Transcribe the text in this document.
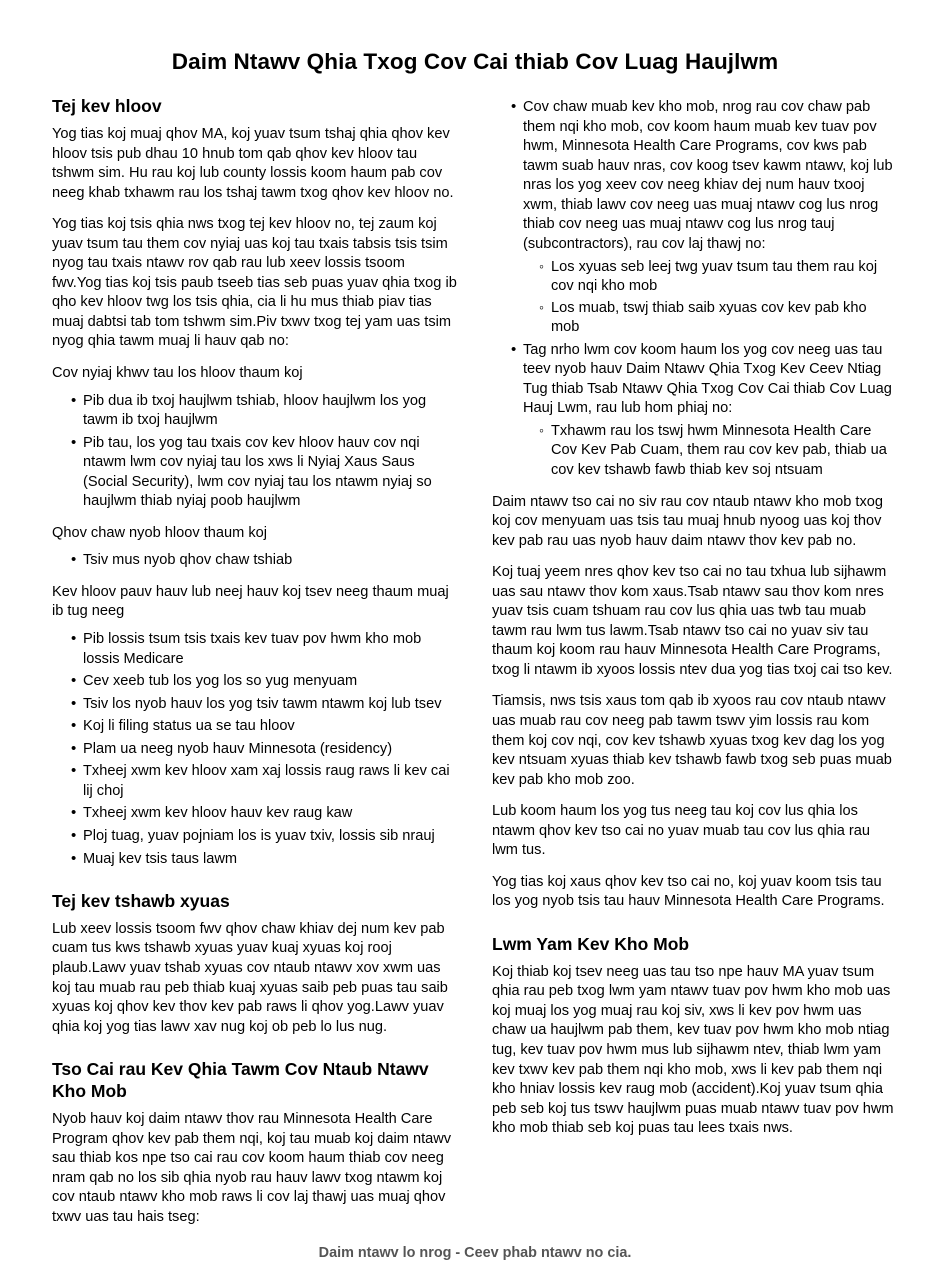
Daim Ntawv Qhia Txog Cov Cai thiab Cov Luag Haujlwm
Tej kev hloov

Yog tias koj muaj qhov MA, koj yuav tsum tshaj qhia qhov kev hloov tsis pub dhau 10 hnub tom qab qhov kev hloov tau tshwm sim. Hu rau koj lub county lossis koom haum pab cov neeg khab txhawm rau los tshaj tawm txog qhov kev hloov no.

Yog tias koj tsis qhia nws txog tej kev hloov no, tej zaum koj yuav tsum tau them cov nyiaj uas koj tau txais tabsis tsis tsim nyog tau txais ntawv rov qab rau lub xeev lossis tsoom fwv.Yog tias koj tsis paub tseeb tias seb puas yuav qhia txog ib qho kev hloov twg los tsis qhia, cia li hu mus thiab piav tias muaj dabtsi tab tom tshwm sim.Piv txwv txog tej yam uas tsim nyog qhia tawm muaj li hauv qab no:

Cov nyiaj khwv tau los hloov thaum koj

• Pib dua ib txoj haujlwm tshiab, hloov haujlwm los yog tawm ib txoj haujlwm
• Pib tau, los yog tau txais cov kev hloov hauv cov nqi ntawm lwm cov nyiaj tau los xws li Nyiaj Xaus Saus (Social Security), lwm cov nyiaj tau los ntawm nyiaj so haujlwm thiab nyiaj poob haujlwm

Qhov chaw nyob hloov thaum koj

• Tsiv mus nyob qhov chaw tshiab

Kev hloov pauv hauv lub neej hauv koj tsev neeg thaum muaj ib tug neeg

• Pib lossis tsum tsis txais kev tuav pov hwm kho mob lossis Medicare
• Cev xeeb tub los yog los so yug menyuam
• Tsiv los nyob hauv los yog tsiv tawm ntawm koj lub tsev
• Koj li filing status ua se tau hloov
• Plam ua neeg nyob hauv Minnesota (residency)
• Txheej xwm kev hloov xam xaj lossis raug raws li kev cai lij choj
• Txheej xwm kev hloov hauv kev raug kaw
• Ploj tuag, yuav pojniam los is yuav txiv, lossis sib nrauj
• Muaj kev tsis taus lawm
Tej kev tshawb xyuas

Lub xeev lossis tsoom fwv qhov chaw khiav dej num kev pab cuam tus kws tshawb xyuas yuav kuaj xyuas koj rooj plaub.Lawv yuav tshab xyuas cov ntaub ntawv xov xwm uas koj tau muab rau peb thiab kuaj xyuas saib peb puas tau saib xyuas koj qhov kev thov kev pab raws li qhov yog.Lawv yuav qhia koj yog tias lawv xav nug koj ob peb lo lus nug.

Tso Cai rau Kev Qhia Tawm Cov Ntaub Ntawv Kho Mob

Nyob hauv koj daim ntawv thov rau Minnesota Health Care Program qhov kev pab them nqi, koj tau muab koj daim ntawv sau thiab kos npe tso cai rau cov koom haum thiab cov neeg nram qab no los sib qhia nyob rau hauv lawv txog ntawm koj cov ntaub ntawv kho mob raws li cov laj thawj uas muaj qhov txwv uas tau hais tseg:

• Cov chaw muab kev kho mob, nrog rau cov chaw pab them nqi kho mob, cov koom haum muab kev tuav pov hwm, Minnesota Health Care Programs, cov kws pab tawm suab hauv nras, cov koog tsev kawm ntawv, koj lub nras los yog xeev cov neeg khiav dej num hauv txooj xwm, thiab lawv cov neeg uas muaj ntawv cog lus nrog thiab cov neeg uas muaj ntawv cog lus nrog tauj (subcontractors), rau cov laj thawj no:
◦ Los xyuas seb leej twg yuav tsum tau them rau koj cov nqi kho mob
◦ Los muab, tswj thiab saib xyuas cov kev pab kho mob
• Tag nrho lwm cov koom haum los yog cov neeg uas tau teev nyob hauv Daim Ntawv Qhia Txog Kev Ceev Ntiag Tug thiab Tsab Ntawv Qhia Txog Cov Cai thiab Cov Luag Hauj Lwm, rau lub hom phiaj no:
◦ Txhawm rau los tswj hwm Minnesota Health Care Cov Kev Pab Cuam, them rau cov kev pab, thiab ua cov kev tshawb fawb thiab kev soj ntsuam

Daim ntawv tso cai no siv rau cov ntaub ntawv kho mob txog koj cov menyuam uas tsis tau muaj hnub nyoog uas koj thov kev pab rau uas nyob hauv daim ntawv thov kev pab no.

Koj tuaj yeem nres qhov kev tso cai no tau txhua lub sijhawm uas sau ntawv thov kom xaus.Tsab ntawv sau thov kom nres yuav tsis cuam tshuam rau cov lus qhia uas twb tau muab tawm rau lwm tus lawm.Tsab ntawv tso cai no yuav siv tau thaum koj koom rau hauv Minnesota Health Care Programs, txog li ntawm ib xyoos lossis ntev dua yog tias txoj cai tso kev.

Tiamsis, nws tsis xaus tom qab ib xyoos rau cov ntaub ntawv uas muab rau cov neeg pab tawm tswv yim lossis rau kom them koj cov nqi, cov kev tshawb xyuas txog kev dag los yog kev ntsuam xyuas thiab kev tshawb fawb txog seb puas muab kev pab kho mob zoo.

Lub koom haum los yog tus neeg tau koj cov lus qhia los ntawm qhov kev tso cai no yuav muab tau cov lus qhia rau lwm tus.

Yog tias koj xaus qhov kev tso cai no, koj yuav koom tsis tau los yog nyob tsis tau hauv Minnesota Health Care Programs.

Lwm Yam Kev Kho Mob

Koj thiab koj tsev neeg uas tau tso npe hauv MA yuav tsum qhia rau peb txog lwm yam ntawv tuav pov hwm kho mob uas koj muaj los yog muaj rau koj siv, xws li kev pov hwm uas chaw ua haujlwm pab them, kev tuav pov hwm kho mob ntiag tug, kev tuav pov hwm mus lub sijhawm ntev, thiab lwm yam kev txwv kev pab them nqi kho mob, xws li kev pab them nqi kho hniav lossis kev raug mob (accident).Koj yuav tsum qhia peb seb koj tus tswv haujlwm puas muab ntawv tuav pov hwm kho mob thiab seb koj puas tau lees txais nws.

Daim ntawv lo nrog - Ceev phab ntawv no cia.
